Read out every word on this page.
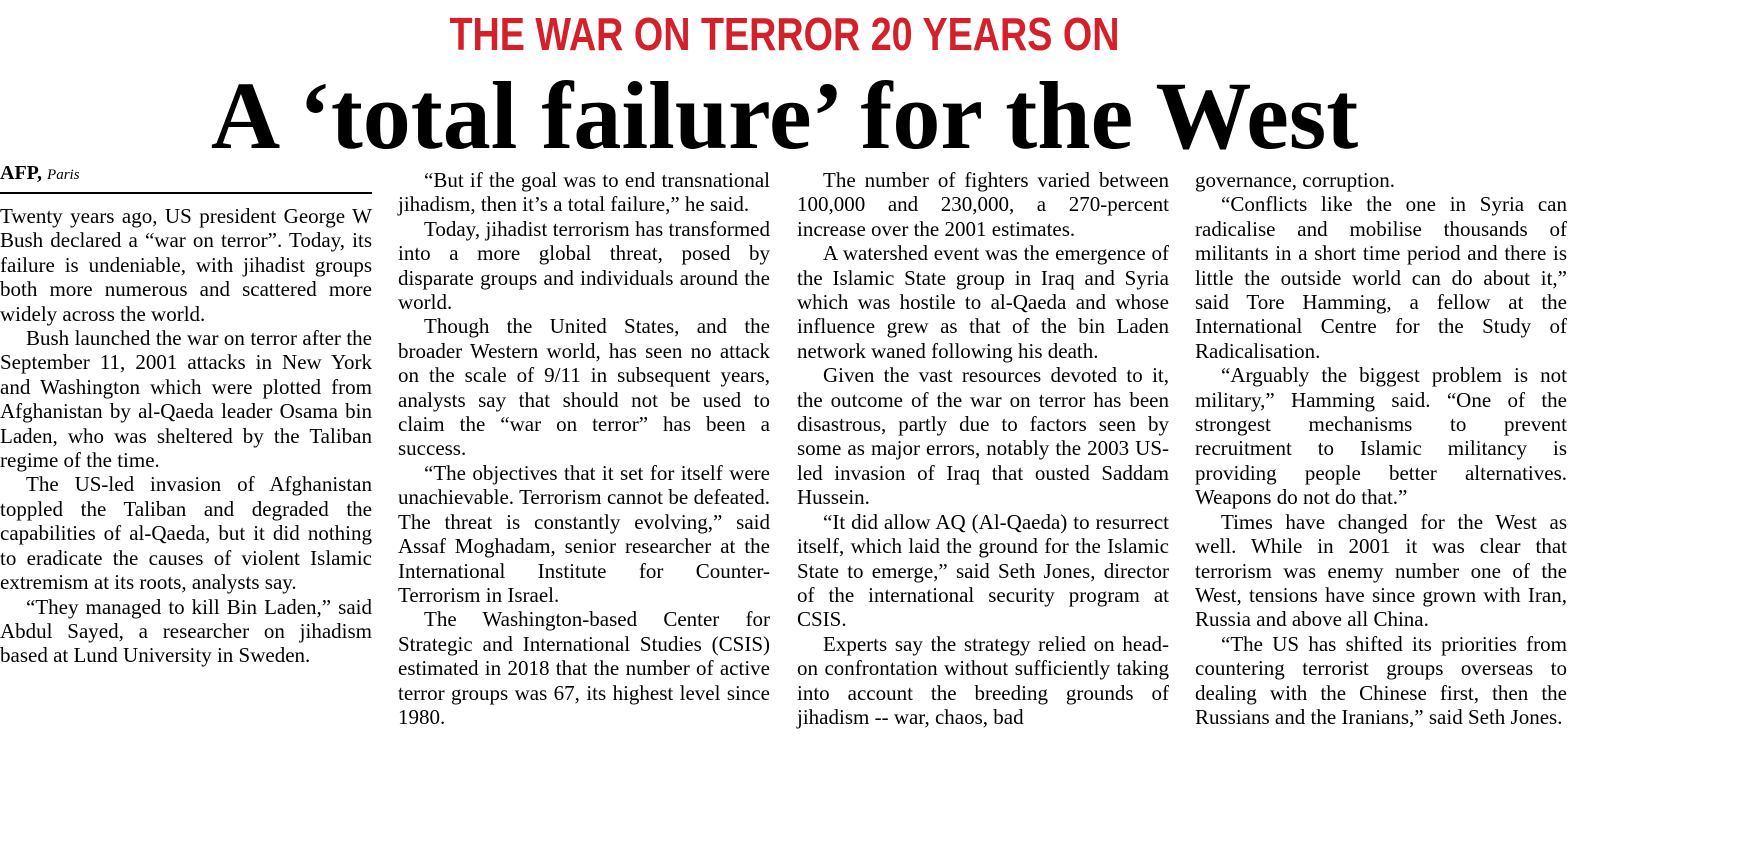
THE WAR ON TERROR 20 YEARS ON
A ‘total failure’ for the West
AFP, Paris

Twenty years ago, US president George W Bush declared a “war on terror”. Today, its failure is undeniable, with jihadist groups both more numerous and scattered more widely across the world.

Bush launched the war on terror after the September 11, 2001 attacks in New York and Washington which were plotted from Afghanistan by al-Qaeda leader Osama bin Laden, who was sheltered by the Taliban regime of the time.

The US-led invasion of Afghanistan toppled the Taliban and degraded the capabilities of al-Qaeda, but it did nothing to eradicate the causes of violent Islamic extremism at its roots, analysts say.

“They managed to kill Bin Laden,” said Abdul Sayed, a researcher on jihadism based at Lund University in Sweden.

“But if the goal was to end transnational jihadism, then it’s a total failure,” he said.

Today, jihadist terrorism has transformed into a more global threat, posed by disparate groups and individuals around the world.

Though the United States, and the broader Western world, has seen no attack on the scale of 9/11 in subsequent years, analysts say that should not be used to claim the “war on terror” has been a success.

“The objectives that it set for itself were unachievable. Terrorism cannot be defeated. The threat is constantly evolving,” said Assaf Moghadam, senior researcher at the International Institute for Counter-Terrorism in Israel.

The Washington-based Center for Strategic and International Studies (CSIS) estimated in 2018 that the number of active terror groups was 67, its highest level since 1980.

The number of fighters varied between 100,000 and 230,000, a 270-percent increase over the 2001 estimates.

A watershed event was the emergence of the Islamic State group in Iraq and Syria which was hostile to al-Qaeda and whose influence grew as that of the bin Laden network waned following his death.

Given the vast resources devoted to it, the outcome of the war on terror has been disastrous, partly due to factors seen by some as major errors, notably the 2003 US-led invasion of Iraq that ousted Saddam Hussein.

“It did allow AQ (Al-Qaeda) to resurrect itself, which laid the ground for the Islamic State to emerge,” said Seth Jones, director of the international security program at CSIS.

Experts say the strategy relied on head-on confrontation without sufficiently taking into account the breeding grounds of jihadism -- war, chaos, bad

governance, corruption.

“Conflicts like the one in Syria can radicalise and mobilise thousands of militants in a short time period and there is little the outside world can do about it,” said Tore Hamming, a fellow at the International Centre for the Study of Radicalisation.

“Arguably the biggest problem is not military,” Hamming said. “One of the strongest mechanisms to prevent recruitment to Islamic militancy is providing people better alternatives. Weapons do not do that.”

Times have changed for the West as well. While in 2001 it was clear that terrorism was enemy number one of the West, tensions have since grown with Iran, Russia and above all China.

“The US has shifted its priorities from countering terrorist groups overseas to dealing with the Chinese first, then the Russians and the Iranians,” said Seth Jones.
